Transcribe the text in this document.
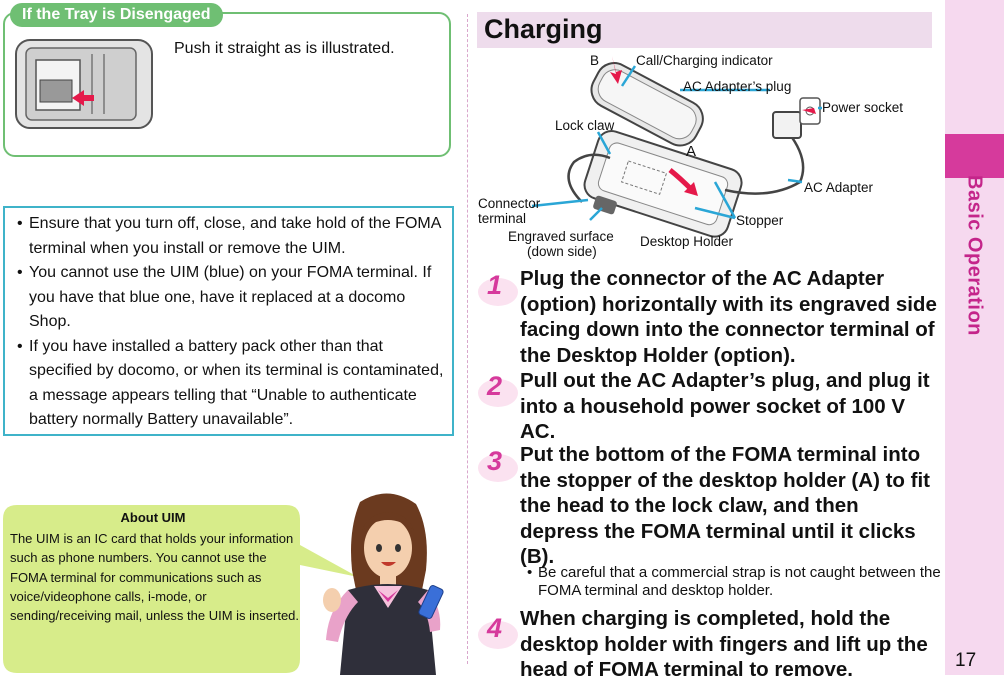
Basic Operation
17
If the Tray is Disengaged
Push it straight as is illustrated.
• Ensure that you turn off, close, and take hold of the FOMA terminal when you install or remove the UIM.
• You cannot use the UIM (blue) on your FOMA terminal. If you have that blue one, have it replaced at a docomo Shop.
• If you have installed a battery pack other than that specified by docomo, or when its terminal is contaminated, a message appears telling that “Unable to authenticate battery normally Battery unavailable”.
About UIM
The UIM is an IC card that holds your information such as phone numbers. You cannot use the FOMA terminal for communications such as voice/videophone calls, i-mode, or sending/receiving mail, unless the UIM is inserted.
Charging
B
A
Call/Charging indicator
AC Adapter’s plug
Power socket
Lock claw
AC Adapter
Connector
terminal	Stopper
Engraved surface
(down side)
Desktop Holder
1 Plug the connector of the AC Adapter (option) horizontally with its engraved side facing down into the connector terminal of the Desktop Holder (option).
2 Pull out the AC Adapter’s plug, and plug it into a household power socket of 100 V AC.
3 Put the bottom of the FOMA terminal into the stopper of the desktop holder (A) to fit the head to the lock claw, and then depress the FOMA terminal until it clicks (B).
• Be careful that a commercial strap is not caught between the FOMA terminal and desktop holder.
4 When charging is completed, hold the desktop holder with fingers and lift up the head of FOMA terminal to remove.
